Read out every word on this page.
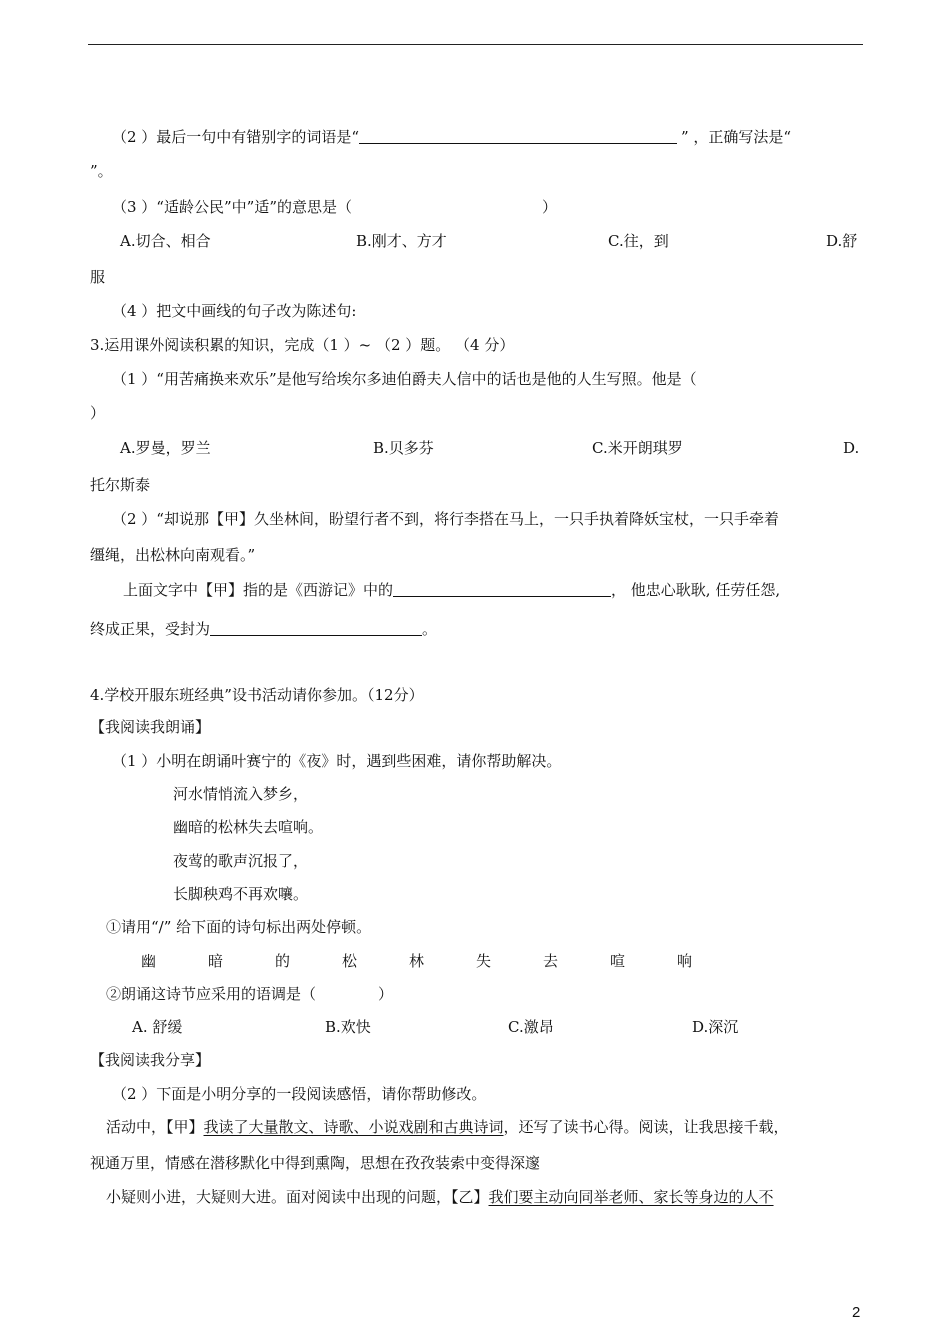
（2 ）最后一句中有错别字的词语是“	” ，正确写法是“
”。
（3 ）“适龄公民”中”适”的意思是（	）
A.切合、相合	B.刚才、方才	C.往，到	D.舒
服
（4 ）把文中画线的句子改为陈述句:
3.运用课外阅读积累的知识，完成（1 ）~ （2 ）题。 （4 分）
（1 ）“用苦痛换来欢乐”是他写给埃尔多迪伯爵夫人信中的话也是他的人生写照。他是（
）
A.罗曼，罗兰	B.贝多芬	C.米开朗琪罗	D.
托尔斯泰
（2 ）“却说那【甲】久坐林间，盼望行者不到，将行李搭在马上，一只手执着降妖宝杖，一只手牵着
缰绳，出松林向南观看。”
上面文字中【甲】指的是《西游记》中的	， 他忠心耿耿, 任劳任怨,
终成正果，受封为	。
4.学校开服东班经典”设书活动请你参加。（12分）
【我阅读我朗诵】
（1 ）小明在朗诵叶赛宁的《夜》时，遇到些困难，请你帮助解决。
河水情悄流入梦乡，
幽暗的松林失去喧响。
夜莺的歌声沉报了，
长脚秧鸡不再欢嚷。
①请用“/” 给下面的诗句标出两处停顿。
幽	暗	的	松	林	失	去	喧	响
②朗诵这诗节应采用的语调是（	）
A. 舒缓	B.欢快	C.激昂	D.深沉
【我阅读我分享】
（2 ）下面是小明分享的一段阅读感悟，请你帮助修改。
活动中，【甲】我读了大量散文、诗歌、小说戏剧和古典诗词，还写了读书心得。阅读，让我思接千载，
视通万里，情感在潜移默化中得到熏陶，思想在孜孜装索中变得深邃
小疑则小进，大疑则大进。面对阅读中出现的问题，【乙】我们要主动向同举老师、家长等身边的人不
2
